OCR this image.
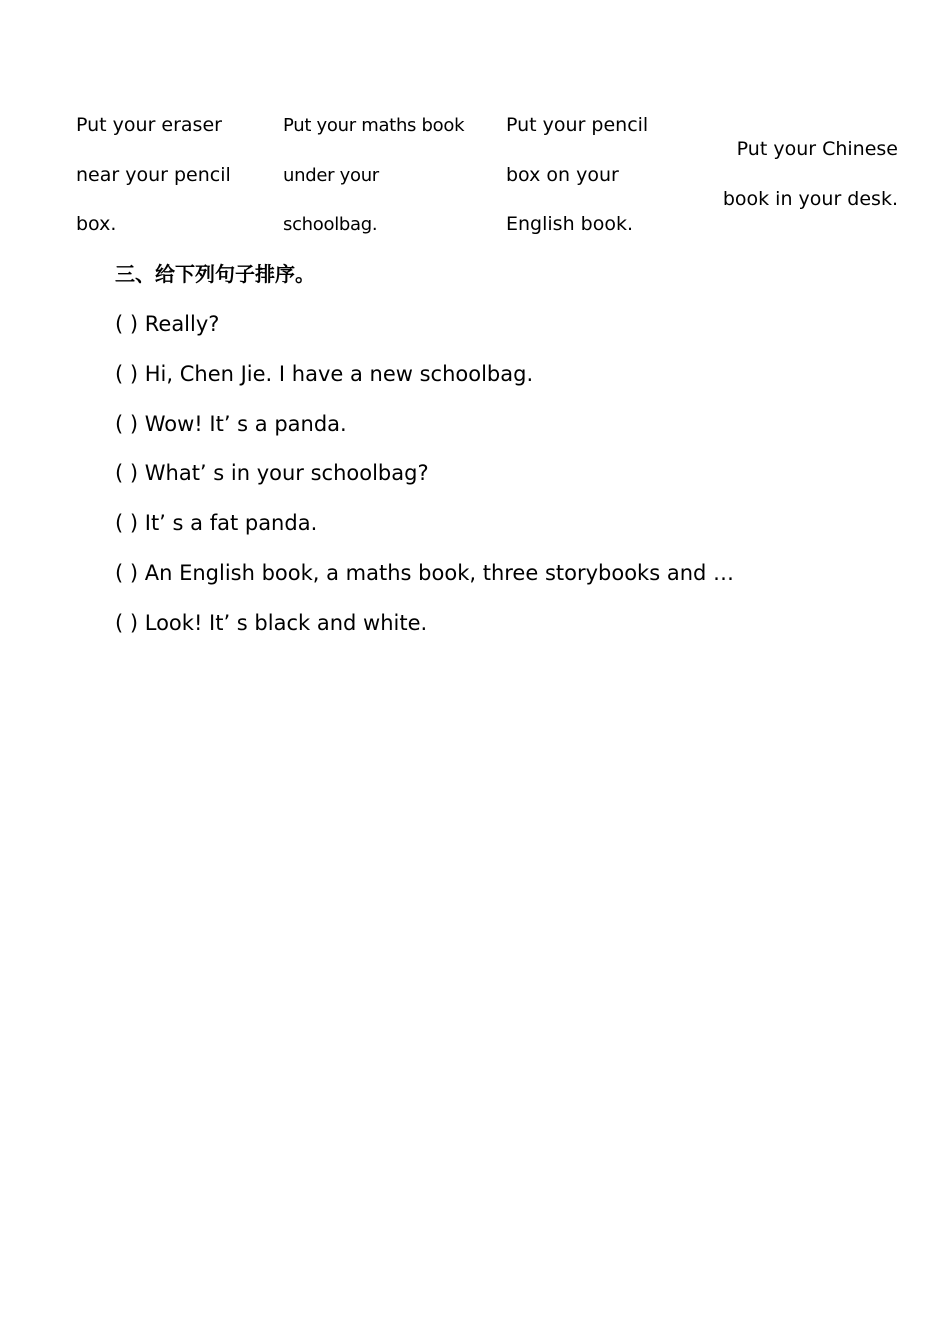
Put your eraser
near your pencil
box.
Put your maths book
under your
schoolbag.
Put your pencil
box on your
English book.
Put your Chinese
book in your desk.
三、给下列句子排序。
( ) Really?
( ) Hi, Chen Jie. I have a new schoolbag.
( ) Wow! It’ s a panda.
( ) What’ s in your schoolbag?
( ) It’ s a fat panda.
( ) An English book, a maths book, three storybooks and …
( ) Look! It’ s black and white.
